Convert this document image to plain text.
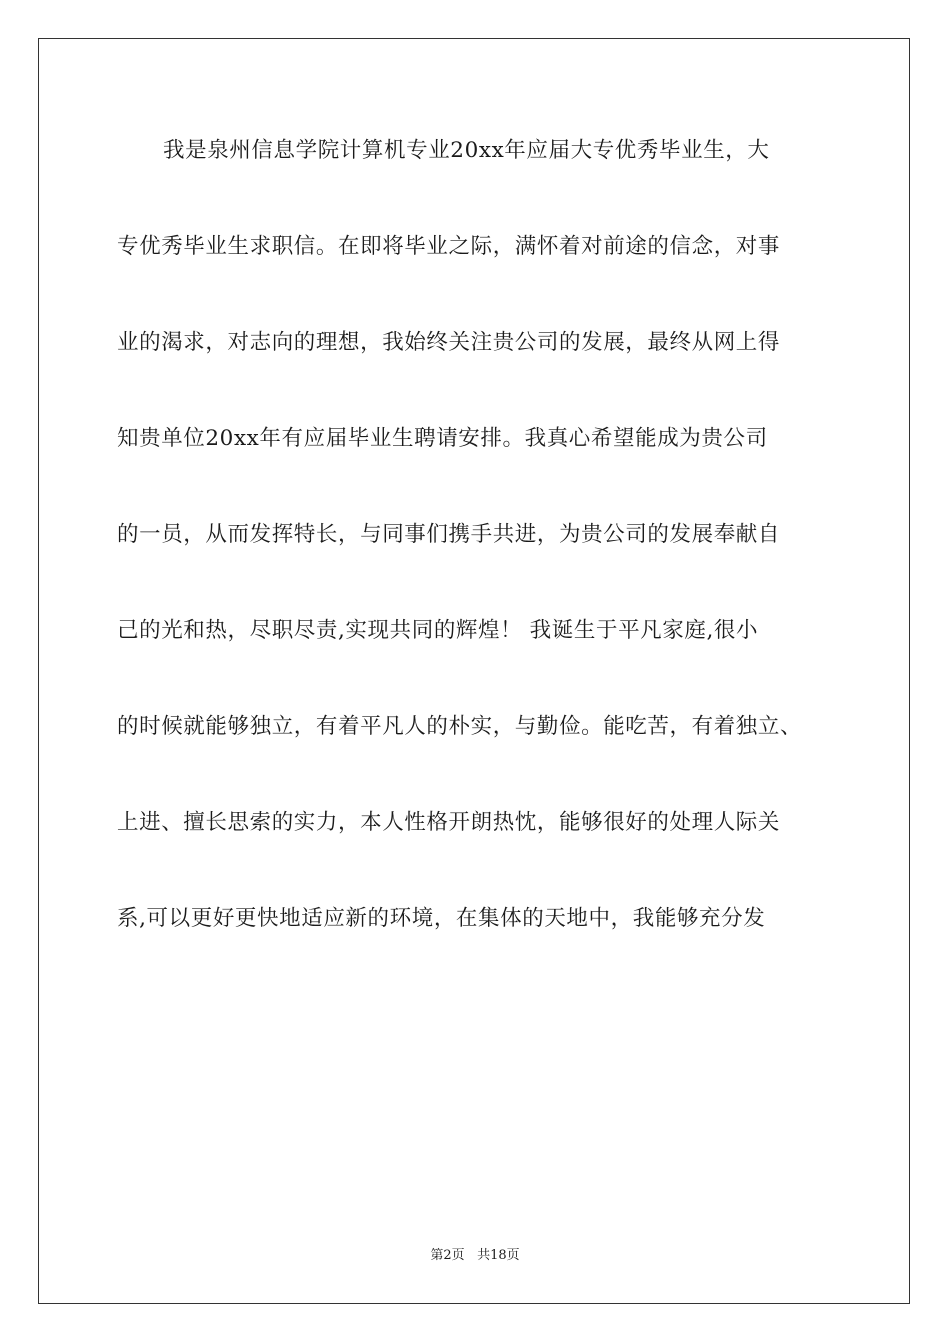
我是泉州信息学院计算机专业20xx年应届大专优秀毕业生，大
专优秀毕业生求职信。在即将毕业之际，满怀着对前途的信念，对事
业的渴求，对志向的理想，我始终关注贵公司的发展，最终从网上得
知贵单位20xx年有应届毕业生聘请安排。我真心希望能成为贵公司
的一员，从而发挥特长，与同事们携手共进，为贵公司的发展奉献自
己的光和热，尽职尽责,实现共同的辉煌！ 我诞生于平凡家庭,很小
的时候就能够独立，有着平凡人的朴实，与勤俭。能吃苦，有着独立、
上进、擅长思索的实力，本人性格开朗热忱，能够很好的处理人际关
系,可以更好更快地适应新的环境，在集体的天地中，我能够充分发
第2页 共18页
